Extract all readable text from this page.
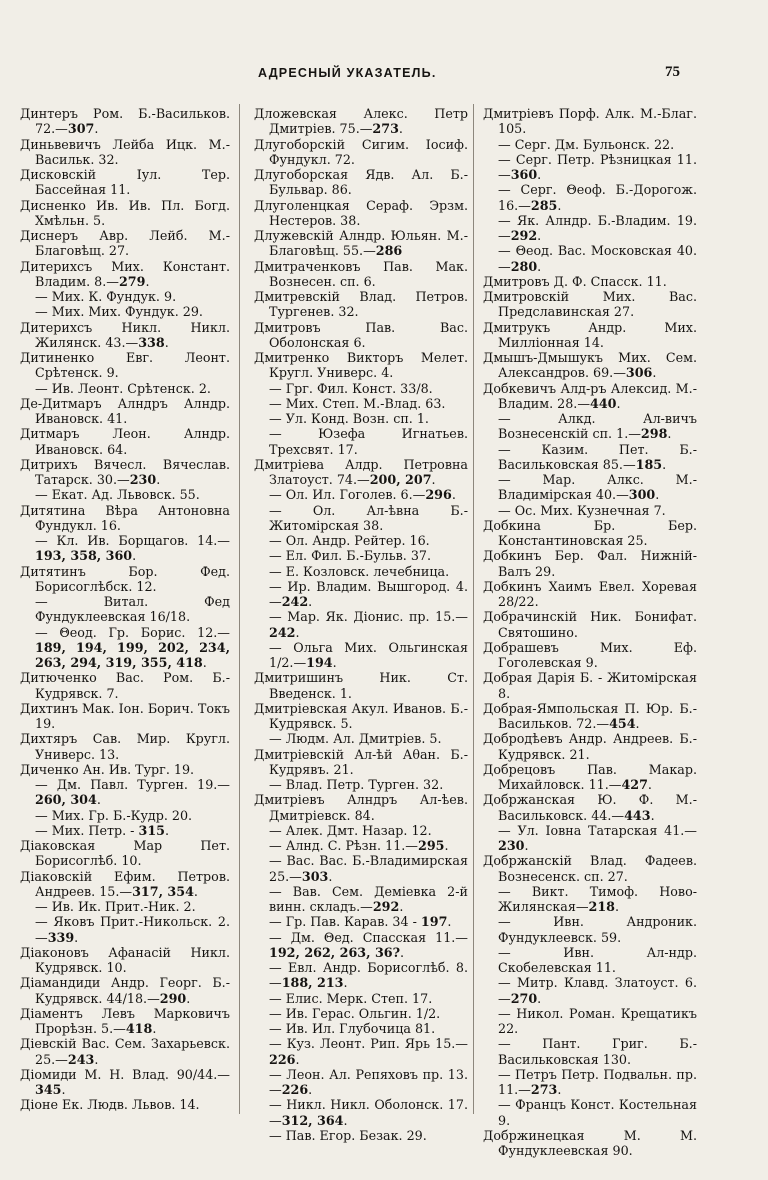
АДРЕСНЫЙ УКАЗАТЕЛЬ.	75

Динтеръ Ром. Б.-Васильков. 72.—307.

Диньвевичъ Лейба Ицк. М.-Васильк. 32.

Дисковскій Іул. Тер. Бассейная 11.

Дисненко Ив. Ив. Пл. Богд. Хмѣльн. 5.

Диснеръ Авр. Лейб. М.-Благовѣщ. 27.

Дитерихсъ Мих. Констант. Владим. 8.—279.

— Мих. К. Фундук. 9.

— Мих. Мих. Фундук. 29.

Дитерихсъ Никл. Никл. Жилянск. 43.—338.

Дитиненко Евг. Леонт. Срѣтенск. 9.

— Ив. Леонт. Срѣтенск. 2.

Де-Дитмаръ Алндръ Алндр. Ивановск. 41.

Дитмаръ Леон. Алндр. Ивановск. 64.

Дитрихъ Вячесл. Вячеслав. Татарск. 30.—230.

— Екат. Ад. Львовск. 55.

Дитятина Вѣра Антоновна Фундукл. 16.

— Кл. Ив. Борщагов. 14.— 193, 358, 360.

Дитятинъ Бор. Фед. Борисоглѣбск. 12.

— Витал. Фед Фундуклеевская 16/18.

— Θеод. Гр. Борис. 12.— 189, 194, 199, 202, 234, 263, 294, 319, 355, 418.

Дитюченко Вас. Ром. Б.-Кудрявск. 7.

Дихтинъ Мак. Іон. Борич. Токъ 19.

Дихтяръ Сав. Мир. Кругл. Универс. 13.

Диченко Ан. Ив. Тург. 19.

— Дм. Павл. Турген. 19.— 260, 304.

— Мих. Гр. Б.-Кудр. 20.

— Мих. Петр. - 315.

Діаковская Мар Пет. Борисоглѣб. 10.

Діаковскій Ефим. Петров. Андреев. 15.—317, 354.

— Ив. Ик. Прит.-Ник. 2.

— Яковъ Прит.-Никольск. 2.—339.

Діаконовъ Афанасій Никл. Кудрявск. 10.

Діамандиди Андр. Георг. Б.-Кудрявск. 44/18.—290.

Діаментъ Левъ Марковичъ Прорѣзн. 5.—418.

Діевскій Вас. Сем. Захарьевск. 25.—243.

Діомиди М. Н. Влад. 90/44.— 345.

Діоне Ек. Людв. Львов. 14.

Дложевская Алекс. Петр Дмитріев. 75.—273.

Длугоборскій Сигим. Іосиф. Фундукл. 72.

Длугоборская Ядв. Ал. Б.-Бульвар. 86.

Длуголенцкая Сераф. Эрзм. Нестеров. 38.

Длужевскій Алндр. Юльян. М.-Благовѣщ. 55.—286

Дмитраченковъ Пав. Мак. Вознесен. сп. 6.

Дмитревскій Влад. Петров. Тургенев. 32.

Дмитровъ Пав. Вас. Оболонская 6.

Дмитренко Викторъ Мелет. Кругл. Универс. 4.

— Грг. Фил. Конст. 33/8.

— Мих. Степ. М.-Влад. 63.

— Ул. Конд. Возн. сп. 1.

— Юзефа Игнатьев. Трехсвят. 17.

Дмитріева Алдр. Петровна Златоуст. 74.—200, 207.

— Ол. Ил. Гоголев. 6.—296.

— Ол. Ал-ѣвна Б.-Житомірская 38.

— Ол. Андр. Рейтер. 16.

— Ел. Фил. Б.-Бульв. 37.

— Е. Козловск. лечебница.

— Ир. Владим. Вышгород. 4.—242.

— Мар. Як. Діонис. пр. 15.—242.

— Ольга Мих. Ольгинская 1/2.—194.

Дмитришинъ Ник. Ст. Введенск. 1.

Дмитріевская Акул. Иванов. Б.-Кудрявск. 5.

— Людм. Ал. Дмитріев. 5.

Дмитріевскій Ал-ѣй Аθан. Б.-Кудрявъ. 21.

— Влад. Петр. Турген. 32.

Дмитріевъ Алндръ Ал-ѣев. Дмитріевск. 84.

— Алек. Дмт. Назар. 12.

— Алнд. С. Рѣзн. 11.—295.

— Вас. Вас. Б.-Владимирская 25.—303.

— Вав. Сем. Деміевка 2-й винн. складъ.—292.

— Гр. Пав. Карав. 34 - 197.

— Дм. Θед. Спасская 11.— 192, 262, 263, 36?.

— Евл. Андр. Борисоглѣб. 8.—188, 213.

— Елис. Мерк. Степ. 17.

— Ив. Герас. Ольгин. 1/2.

— Ив. Ил. Глубочица 81.

— Куз. Леонт. Рип. Ярь 15.—226.

— Леон. Ал. Репяховъ пр. 13.—226.

— Никл. Никл. Оболонск. 17.—312, 364.

— Пав. Егор. Безак. 29.

Дмитріевъ Порф. Алк. М.-Благ. 105.

— Серг. Дм. Бульонск. 22.

— Серг. Петр. Рѣзницкая 11.—360.

— Серг. Θеоф. Б.-Дорогож. 16.—285.

— Як. Алндр. Б.-Владим. 19.—292.

— Θеод. Вас. Московская 40.—280.

Дмитровъ Д. Ф. Спасск. 11.

Дмитровскій Мих. Вас. Предславинская 27.

Дмитрукъ Андр. Мих. Милліонная 14.

Дмышъ-Дмышукъ Мих. Сем. Александров. 69.—306.

Добкевичъ Алд-ръ Алексид. М.-Владим. 28.—440.

— Алкд. Ал-вичъ Вознесенскій сп. 1.—298.

— Казим. Пет. Б.-Васильковская 85.—185.

— Мар. Алкс. М.-Владимірская 40.—300.

— Ос. Мих. Кузнечная 7.

Добкина Бр. Бер. Константиновская 25.

Добкинъ Бер. Фал. Нижній-Валъ 29.

Добкинъ Хаимъ Евел. Хоревая 28/22.

Добрачинскій Ник. Бонифат. Святошино.

Добрашевъ Мих. Еф. Гоголевская 9.

Добрая Дарія Б. - Житомірская 8.

Добрая-Ямпольская П. Юр. Б.-Васильков. 72.—454.

Добродѣевъ Андр. Андреев. Б.-Кудрявск. 21.

Добрецовъ Пав. Макар. Михайловск. 11.—427.

Добржанская Ю. Ф. М.-Васильковск. 44.—443.

— Ул. Іовна Татарская 41.— 230.

Добржанскій Влад. Фадеев. Вознесенск. сп. 27.

— Викт. Тимоф. Ново-Жилянская—218.

— Ивн. Андроник. Фундуклеевск. 59.

— Ивн. Ал-ндр. Скобелевская 11.

— Митр. Клавд. Златоуст. 6.—270.

— Никол. Роман. Крещатикъ 22.

— Пант. Григ. Б.-Васильковская 130.

— Петръ Петр. Подвальн. пр. 11.—273.

— Францъ Конст. Костельная 9.

Добржинецкая М. М. Фундуклеевская 90.
